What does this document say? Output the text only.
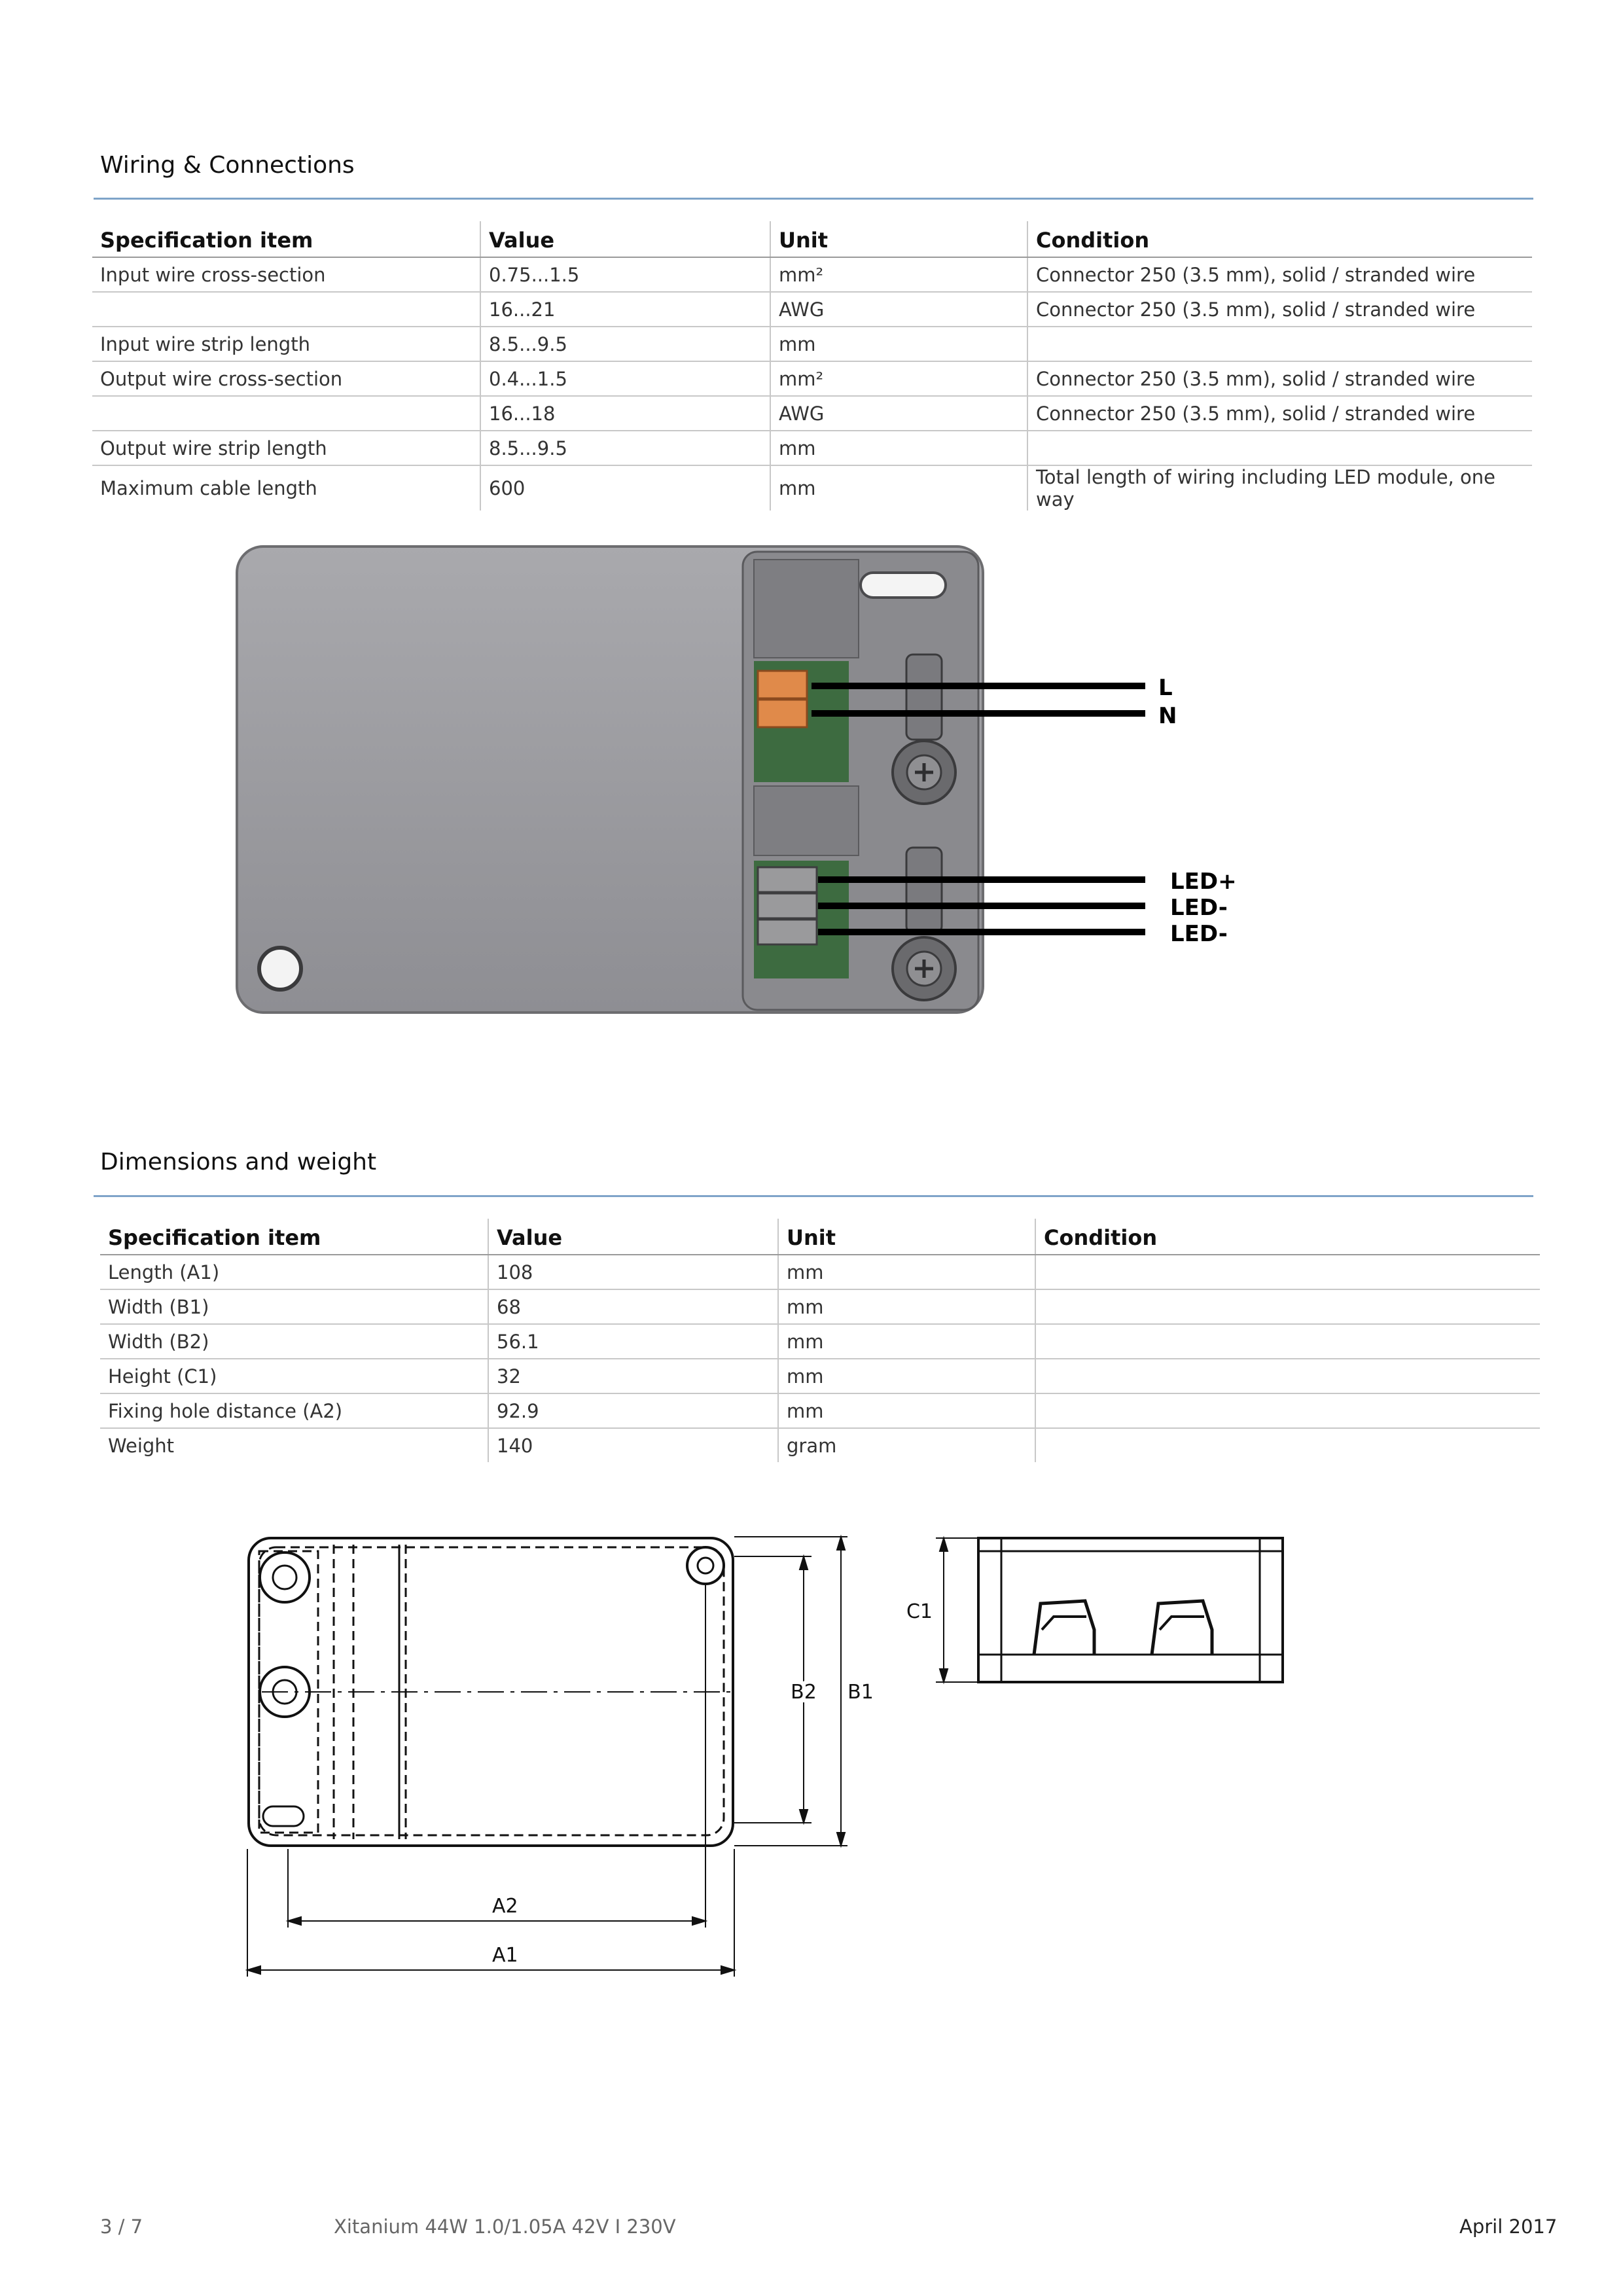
Wiring & Connections
Specification item	Value	Unit	Condition
Input wire cross-section	0.75...1.5	mm²	Connector 250 (3.5 mm), solid / stranded wire
	16...21	AWG	Connector 250 (3.5 mm), solid / stranded wire
Input wire strip length	8.5...9.5	mm	
Output wire cross-section	0.4...1.5	mm²	Connector 250 (3.5 mm), solid / stranded wire
	16...18	AWG	Connector 250 (3.5 mm), solid / stranded wire
Output wire strip length	8.5...9.5	mm	
Maximum cable length	600	mm	Total length of wiring including LED module, one way
L
N
LED+
LED-
LED-
Dimensions and weight
Specification item	Value	Unit	Condition
Length (A1)	108	mm	
Width (B1)	68	mm	
Width (B2)	56.1	mm	
Height (C1)	32	mm	
Fixing hole distance (A2)	92.9	mm	
Weight	140	gram	
A2
A1
B2 B1
C1
3 / 7	Xitanium 44W 1.0/1.05A 42V I 230V	April 2017
